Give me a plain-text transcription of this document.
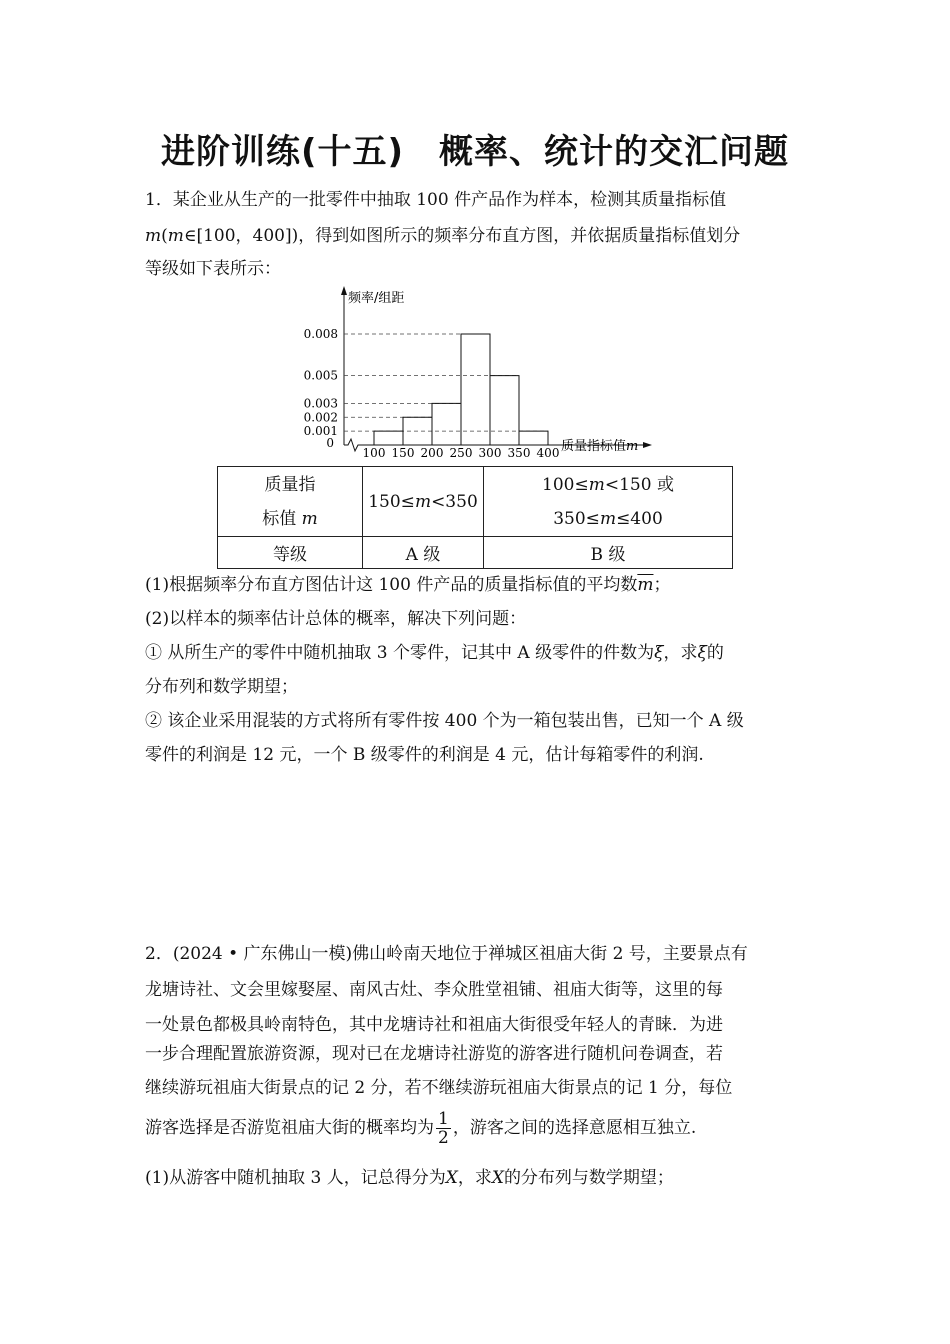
进阶训练(十五)　概率、统计的交汇问题
1．某企业从生产的一批零件中抽取 100 件产品作为样本，检测其质量指标值
m(m∈[100，400])，得到如图所示的频率分布直方图，并依据质量指标值划分
等级如下表所示：
频率/组距
0	质量指标值m
0.001
0.002
0.003
0.005
0.008
100 150 200 250 300 350 400
质量指
标值 m	150≤m<350	100≤m<150 或
350≤m≤400
等级	A 级	B 级
(1)根据频率分布直方图估计这 100 件产品的质量指标值的平均数$\overline{m}$；
(2)以样本的频率估计总体的概率，解决下列问题：
① 从所生产的零件中随机抽取 3 个零件，记其中 A 级零件的件数为ξ，求ξ的
分布列和数学期望；
② 该企业采用混装的方式将所有零件按 400 个为一箱包装出售，已知一个 A 级
零件的利润是 12 元，一个 B 级零件的利润是 4 元，估计每箱零件的利润.
2．(2024 • 广东佛山一模)佛山岭南天地位于禅城区祖庙大街 2 号，主要景点有
龙塘诗社、文会里嫁娶屋、南风古灶、李众胜堂祖铺、祖庙大街等，这里的每
一处景色都极具岭南特色，其中龙塘诗社和祖庙大街很受年轻人的青睐．为进
一步合理配置旅游资源，现对已在龙塘诗社游览的游客进行随机问卷调查，若
继续游玩祖庙大街景点的记 2 分，若不继续游玩祖庙大街景点的记 1 分，每位
游客选择是否游览祖庙大街的概率均为 $\frac{1}{2}$ ，游客之间的选择意愿相互独立.
(1)从游客中随机抽取 3 人，记总得分为X，求X的分布列与数学期望；
